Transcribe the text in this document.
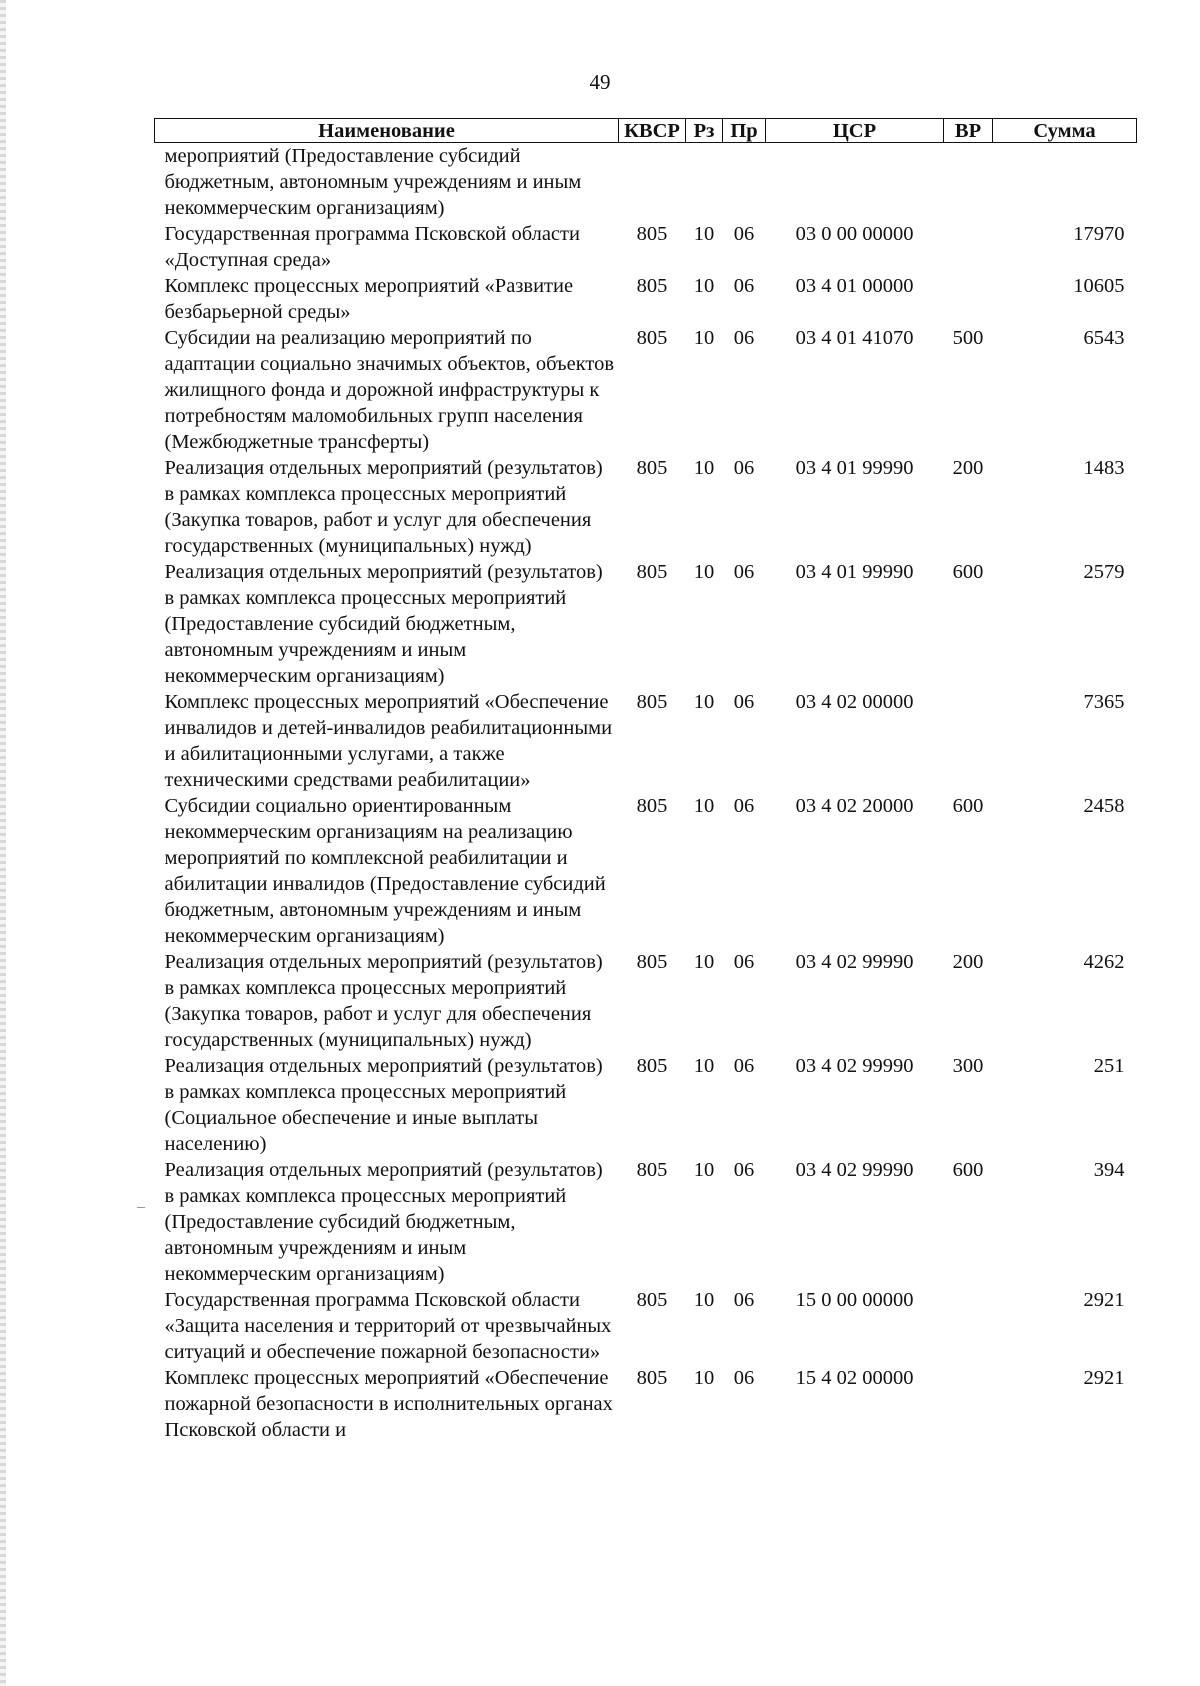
49
Наименование	КВСР	Рз	Пр	ЦСР	ВР	Сумма
мероприятий (Предоставление субсидий бюджетным, автономным учреждениям и иным некоммерческим организациям)						
Государственная программа Псковской области «Доступная среда»	805	10	06	03 0 00 00000		17970
Комплекс процессных мероприятий «Развитие безбарьерной среды»	805	10	06	03 4 01 00000		10605
Субсидии на реализацию мероприятий по адаптации социально значимых объектов, объектов жилищного фонда и дорожной инфраструктуры к потребностям маломобильных групп населения (Межбюджетные трансферты)	805	10	06	03 4 01 41070	500	6543
Реализация отдельных мероприятий (результатов) в рамках комплекса процессных мероприятий (Закупка товаров, работ и услуг для обеспечения государственных (муниципальных) нужд)	805	10	06	03 4 01 99990	200	1483
Реализация отдельных мероприятий (результатов) в рамках комплекса процессных мероприятий (Предоставление субсидий бюджетным, автономным учреждениям и иным некоммерческим организациям)	805	10	06	03 4 01 99990	600	2579
Комплекс процессных мероприятий «Обеспечение инвалидов и детей-инвалидов реабилитационными и абилитационными услугами, а также техническими средствами реабилитации»	805	10	06	03 4 02 00000		7365
Субсидии социально ориентированным некоммерческим организациям на реализацию мероприятий по комплексной реабилитации и абилитации инвалидов (Предоставление субсидий бюджетным, автономным учреждениям и иным некоммерческим организациям)	805	10	06	03 4 02 20000	600	2458
Реализация отдельных мероприятий (результатов) в рамках комплекса процессных мероприятий (Закупка товаров, работ и услуг для обеспечения государственных (муниципальных) нужд)	805	10	06	03 4 02 99990	200	4262
Реализация отдельных мероприятий (результатов) в рамках комплекса процессных мероприятий (Социальное обеспечение и иные выплаты населению)	805	10	06	03 4 02 99990	300	251
Реализация отдельных мероприятий (результатов) в рамках комплекса процессных мероприятий (Предоставление субсидий бюджетным, автономным учреждениям и иным некоммерческим организациям)	805	10	06	03 4 02 99990	600	394
Государственная программа Псковской области «Защита населения и территорий от чрезвычайных ситуаций и обеспечение пожарной безопасности»	805	10	06	15 0 00 00000		2921
Комплекс процессных мероприятий «Обеспечение пожарной безопасности в исполнительных органах Псковской области и	805	10	06	15 4 02 00000		2921
